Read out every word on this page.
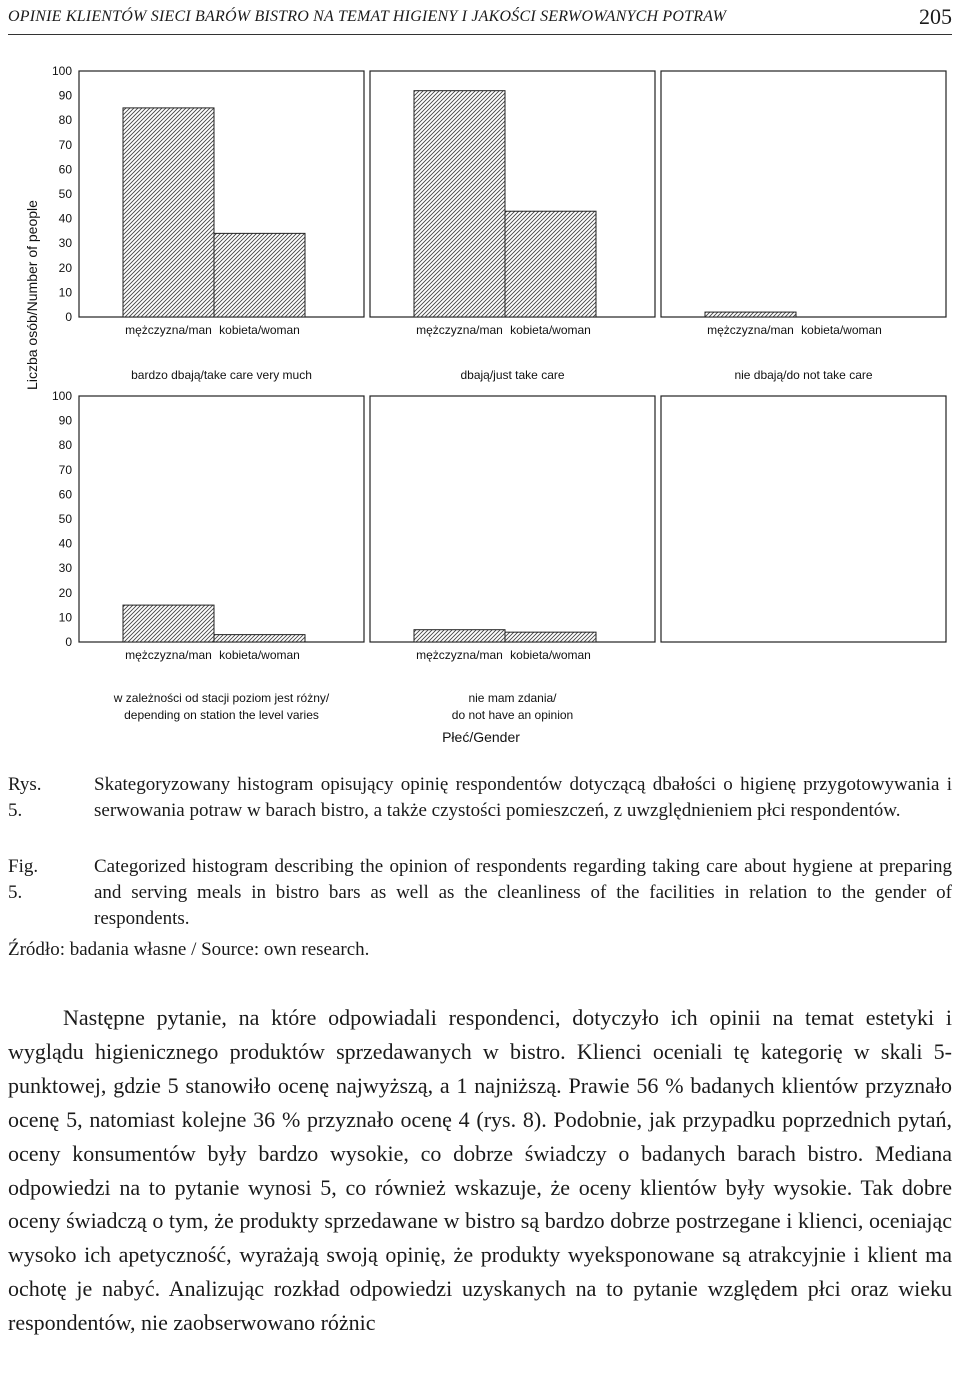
OPINIE KLIENTÓW SIECI BARÓW BISTRO NA TEMAT HIGIENY I JAKOŚCI SERWOWANYCH POTRAW	205
mężczyzna/man kobieta/woman
bardzo dbają/take care very much
mężczyzna/man kobieta/woman
dbają/just take care
mężczyzna/man kobieta/woman
nie dbają/do not take care
mężczyzna/man kobieta/woman
w zależności od stacji poziom jest różny/
depending on station the level varies
mężczyzna/man kobieta/woman
nie mam zdania/
do not have an opinion
0
10
20
30
40
50
60
70
80
90
100
0
10
20
30
40
50
60
70
80
90
100
Liczba osób/Number of people
Płeć/Gender
Rys. 5.
Skategoryzowany histogram opisujący opinię respondentów dotyczącą dbałości o higienę przygotowywania i serwowania potraw w barach bistro, a także czystości pomieszczeń, z uwzględnieniem płci respondentów.
Fig. 5.
Categorized histogram describing the opinion of respondents regarding taking care about hygiene at preparing and serving meals in bistro bars as well as the cleanliness of the facilities in relation to the gender of respondents.
Źródło: badania własne / Source: own research.
Następne pytanie, na które odpowiadali respondenci, dotyczyło ich opinii na temat estetyki i wyglądu higienicznego produktów sprzedawanych w bistro. Klienci oceniali tę kategorię w skali 5-punktowej, gdzie 5 stanowiło ocenę najwyższą, a 1 najniższą. Prawie 56 % badanych klientów przyznało ocenę 5, natomiast kolejne 36 % przyznało ocenę 4 (rys. 8). Podobnie, jak przypadku poprzednich pytań, oceny konsumentów były bardzo wysokie, co dobrze świadczy o badanych barach bistro. Mediana odpowiedzi na to pytanie wynosi 5, co również wskazuje, że oceny klientów były wysokie. Tak dobre oceny świadczą o tym, że produkty sprzedawane w bistro są bardzo dobrze postrzegane i klienci, oceniając wysoko ich apetyczność, wyrażają swoją opinię, że produkty wyeksponowane są atrakcyjnie i klient ma ochotę je nabyć. Analizując rozkład odpowiedzi uzyskanych na to pytanie względem płci oraz wieku respondentów, nie zaobserwowano różnic
